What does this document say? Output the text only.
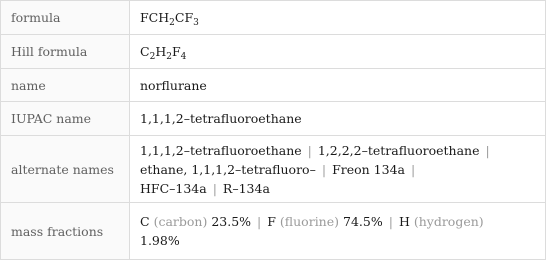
formula	$FCH_2CF_3$
Hill formula	$C_2H_2F_4$
name	norflurane
IUPAC name	1,1,1,2–tetrafluoroethane
alternate names	1,1,1,2–tetrafluoroethane | 1,2,2,2–tetrafluoroethane |
ethane, 1,1,1,2–tetrafluoro– | Freon 134a |
HFC–134a | R–134a
mass fractions	C (carbon) 23.5% | F (fluorine) 74.5% | H (hydrogen)
1.98%
